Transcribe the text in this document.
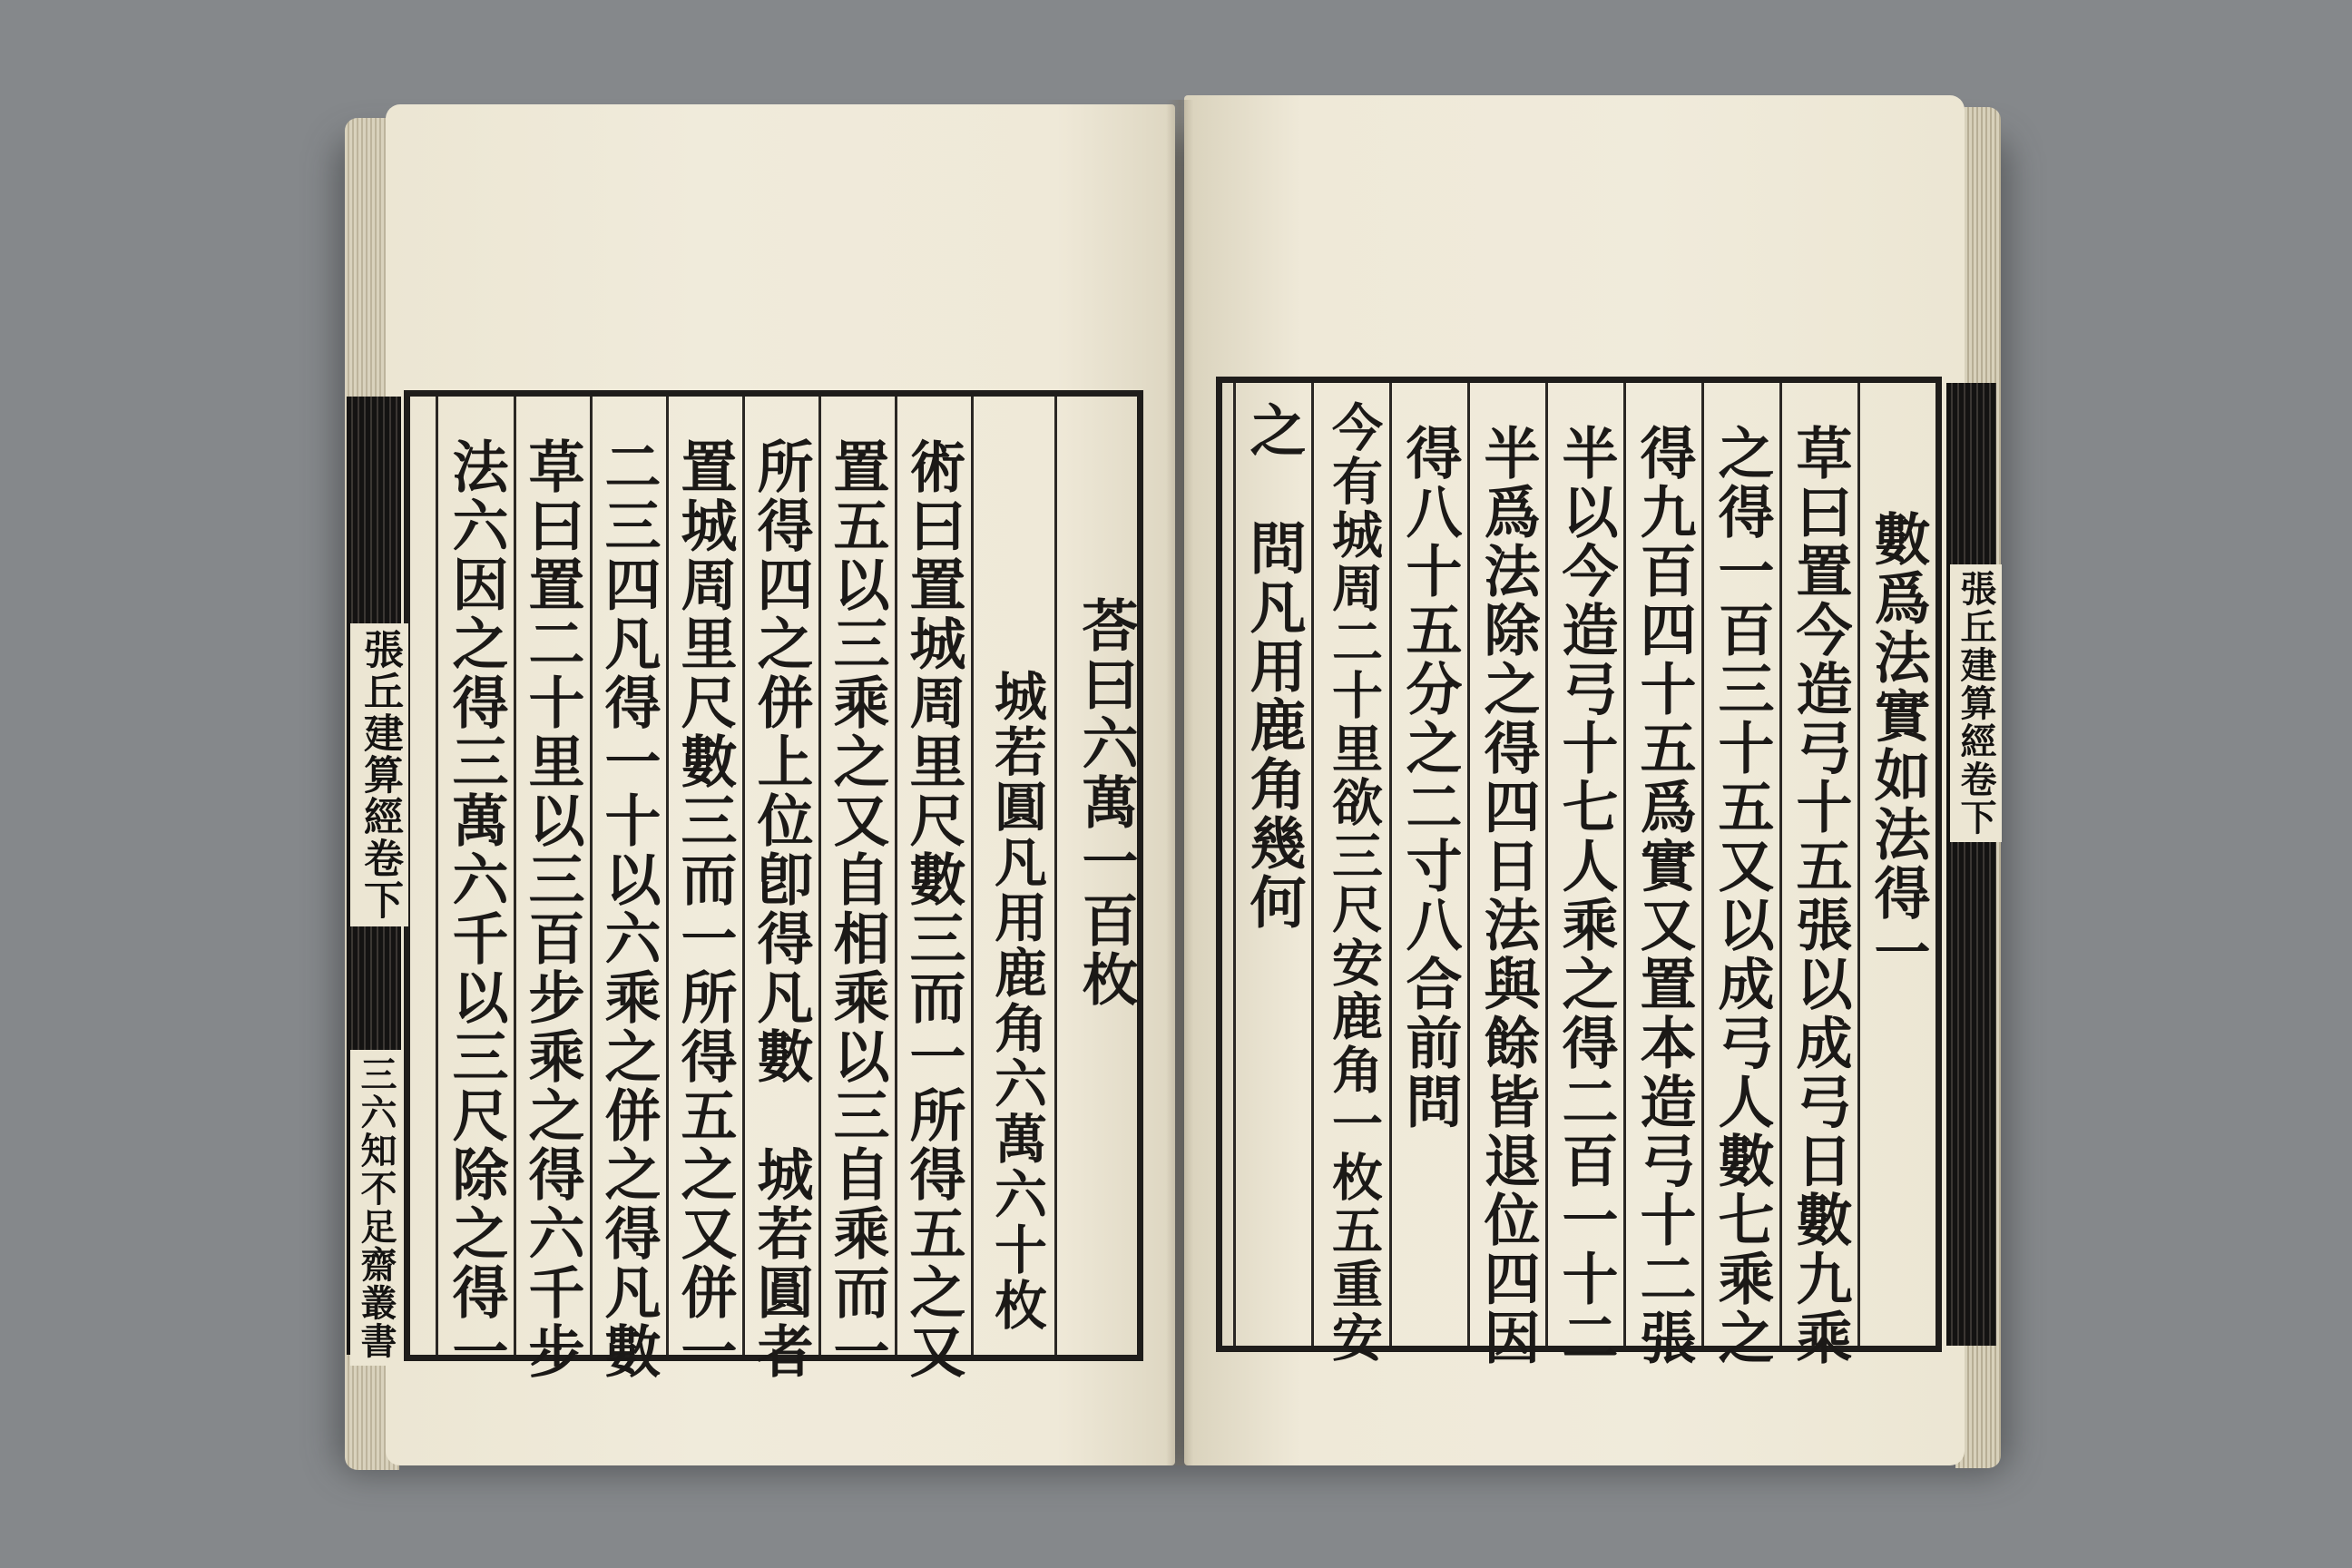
張丘建算經卷下
三六知不足齋叢書
荅曰六萬一百枚
城若圓凡用鹿角六萬六十枚
術曰置城周里尺數三而一所得五之又
置五以三乘之又自相乘以三自乘而一
所得四之併上位卽得凡數　城若圓者
置城周里尺數三而一所得五之又併一
二三四凡得一十以六乘之併之得凡數
草曰置二十里以三百步乘之得六千步
法六因之得三萬六千以三尺除之得一	張丘建算經卷下
數爲法實如法得一
草曰置今造弓十五張以成弓日數九乘
之得一百三十五又以成弓人數七乘之
得九百四十五爲實又置本造弓十二張
半以今造弓十七人乘之得二百一十二
半爲法除之得四日法與餘皆退位四因
得八十五分之二寸八合前問
今有城周二十里欲三尺安鹿角一枚五重安
之　問凡用鹿角幾何
